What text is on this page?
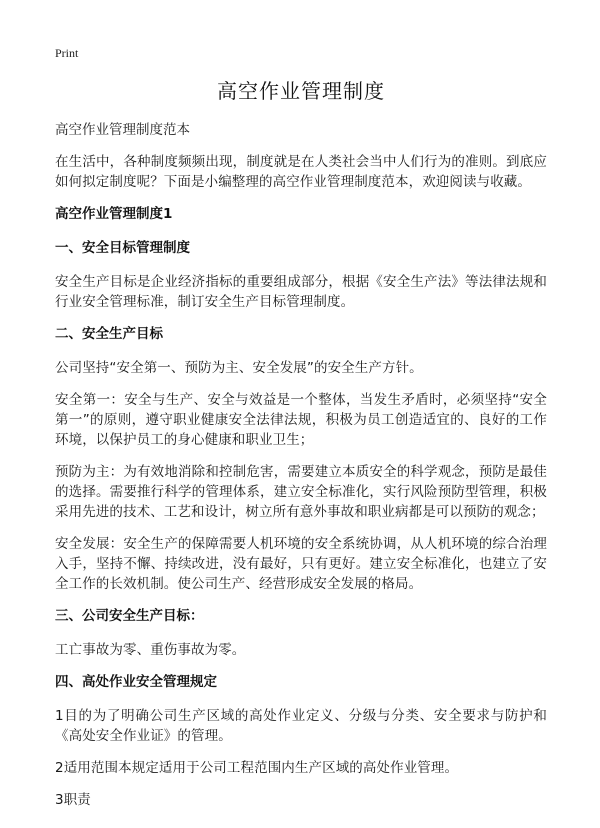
Print
高空作业管理制度
高空作业管理制度范本

在生活中，各种制度频频出现，制度就是在人类社会当中人们行为的准则。到底应如何拟定制度呢？下面是小编整理的高空作业管理制度范本，欢迎阅读与收藏。

高空作业管理制度1
一、安全目标管理制度

安全生产目标是企业经济指标的重要组成部分，根据《安全生产法》等法律法规和行业安全管理标准，制订安全生产目标管理制度。

二、安全生产目标

公司坚持“安全第一、预防为主、安全发展”的安全生产方针。

安全第一：安全与生产、安全与效益是一个整体，当发生矛盾时，必须坚持“安全第一”的原则，遵守职业健康安全法律法规，积极为员工创造适宜的、良好的工作环境，以保护员工的身心健康和职业卫生；

预防为主：为有效地消除和控制危害，需要建立本质安全的科学观念，预防是最佳的选择。需要推行科学的管理体系，建立安全标准化，实行风险预防型管理，积极采用先进的技术、工艺和设计，树立所有意外事故和职业病都是可以预防的观念；

安全发展：安全生产的保障需要人机环境的安全系统协调，从人机环境的综合治理入手，坚持不懈、持续改进，没有最好，只有更好。建立安全标准化，也建立了安全工作的长效机制。使公司生产、经营形成安全发展的格局。

三、公司安全生产目标：

工亡事故为零、重伤事故为零。

四、高处作业安全管理规定

1目的为了明确公司生产区域的高处作业定义、分级与分类、安全要求与防护和《高处安全作业证》的管理。

2适用范围本规定适用于公司工程范围内生产区域的高处作业管理。

3职责
